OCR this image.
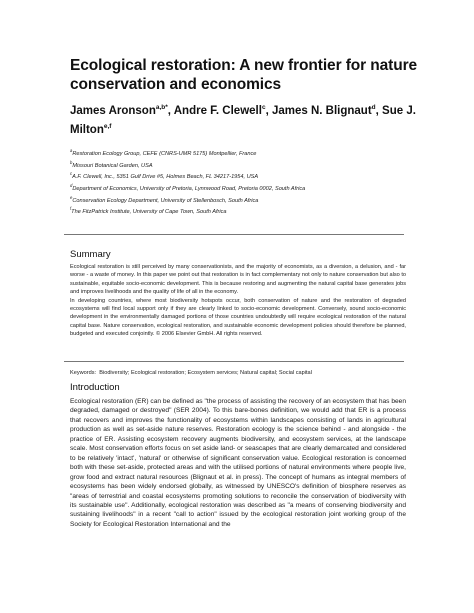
Ecological restoration: A new frontier for nature conservation and economics
James Aronson$^{a,b*}$, Andre F. Clewell$^c$, James N. Blignaut$^d$, Sue J. Milton$^{e,f}$
$^a$Restoration Ecology Group, CEFE (CNRS-UMR 5175) Montpellier, France
$^b$Missouri Botanical Garden, USA
$^c$A.F. Clewell, Inc., 5351 Gulf Drive #5, Holmes Beach, FL 34217-1954, USA
$^d$Department of Economics, University of Pretoria, Lynnwood Road, Pretoria 0002, South Africa
$^e$Conservation Ecology Department, University of Stellenbosch, South Africa
$^f$The FitzPatrick Institute, University of Cape Town, South Africa
Summary

Ecological restoration is still perceived by many conservationists, and the majority of economists, as a diversion, a delusion, and - far worse - a waste of money. In this paper we point out that restoration is in fact complementary not only to nature conservation but also to sustainable, equitable socio-economic development. This is because restoring and augmenting the natural capital base generates jobs and improves livelihoods and the quality of life of all in the economy.

In developing countries, where most biodiversity hotspots occur, both conservation of nature and the restoration of degraded ecosystems will find local support only if they are clearly linked to socio-economic development. Conversely, sound socio-economic development in the environmentally damaged portions of those countries undoubtedly will require ecological restoration of the natural capital base. Nature conservation, ecological restoration, and sustainable economic development policies should therefore be planned, budgeted and executed conjointly. © 2006 Elsevier GmbH. All rights reserved.

Keywords: Biodiversity; Ecological restoration; Ecosystem services; Natural capital; Social capital
Introduction
Ecological restoration (ER) can be defined as "the process of assisting the recovery of an ecosystem that has been degraded, damaged or destroyed" (SER 2004). To this bare-bones definition, we would add that ER is a process that recovers and improves the functionality of ecosystems within landscapes consisting of lands in agricultural production as well as set-aside nature reserves. Restoration ecology is the science behind - and alongside - the practice of ER. Assisting ecosystem recovery augments biodiversity, and ecosystem services, at the landscape scale. Most conservation efforts focus on set aside land- or seascapes that are clearly demarcated and considered to be relatively 'intact', 'natural' or otherwise of significant conservation value. Ecological restoration is concerned both with these set-aside, protected areas and with the utilised portions of natural environments where people live, grow food and extract natural resources (Blignaut et al. in press). The concept of humans as integral members of ecosystems has been widely endorsed globally, as witnessed by UNESCO's definition of biosphere reserves as "areas of terrestrial and coastal ecosystems promoting solutions to reconcile the conservation of biodiversity with its sustainable use". Additionally, ecological restoration was described as "a means of conserving biodiversity and sustaining livelihoods" in a recent "call to action" issued by the ecological restoration joint working group of the Society for Ecological Restoration International and the
